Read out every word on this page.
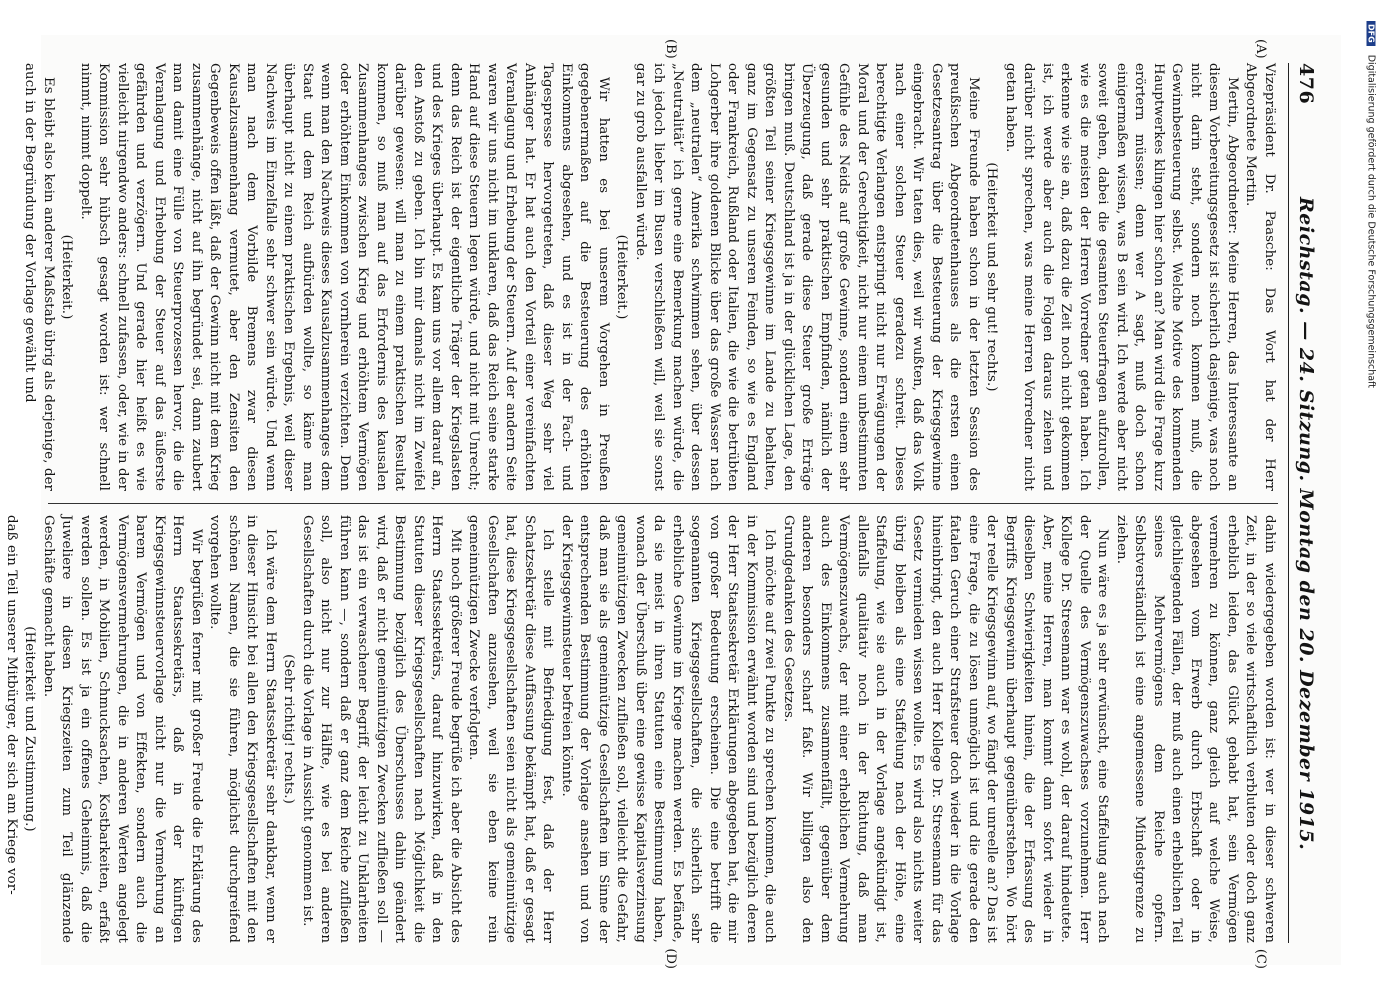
476
Reichstag. — 24. Sitzung. Montag den 20. Dezember 1915.
(A)
(B)
(C)
(D)

Vizepräsident Dr. Paasche: Das Wort hat der Herr Abgeordnete Mertin.

Mertin, Abgeordneter: Meine Herren, das Interessante an diesem Vorbereitungsgesetz ist sicherlich dasjenige, was noch nicht darin steht, sondern noch kommen muß, die Gewinnbesteuerung selbst. Welche Motive des kommenden Hauptwerkes klingen hier schon an? Man wird die Frage kurz erörtern müssen; denn wer A sagt, muß doch schon einigermaßen wissen, was B sein wird. Ich werde aber nicht soweit gehen, dabei die gesamten Steuerfragen aufzurollen, wie es die meisten der Herren Vorredner getan haben. Ich erkenne wie sie an, daß dazu die Zeit noch nicht gekommen ist, ich werde aber auch die Folgen daraus ziehen und darüber nicht sprechen, was meine Herren Vorredner nicht getan haben.

(Heiterkeit und sehr gut! rechts.)

Meine Freunde haben schon in der letzten Session des preußischen Abgeordnetenhauses als die ersten einen Gesetzesantrag über die Besteuerung der Kriegsgewinne eingebracht. Wir taten dies, weil wir wußten, daß das Volk nach einer solchen Steuer geradezu schreit. Dieses berechtigte Verlangen entspringt nicht nur Erwägungen der Moral und der Gerechtigkeit, nicht nur einem unbestimmten Gefühle des Neids auf große Gewinne, sondern einem sehr gesunden und sehr praktischen Empfinden, nämlich der Überzeugung, daß gerade diese Steuer große Erträge bringen muß. Deutschland ist ja in der glücklichen Lage, den größten Teil seiner Kriegsgewinne im Lande zu behalten, ganz im Gegensatz zu unseren Feinden, so wie es England oder Frankreich, Rußland oder Italien, die wie die betrübten Lohgerber ihre goldenen Blicke über das große Wasser nach dem „neutralen“ Amerika schwimmen sehen, über dessen „Neutralität“ ich gerne eine Bemerkung machen würde, die ich jedoch lieber im Busen verschließen will, weil sie sonst gar zu grob ausfallen würde.

(Heiterkeit.)

Wir hatten es bei unserem Vorgehen in Preußen gegebenermaßen auf die Besteuerung des erhöhten Einkommens abgesehen, und es ist in der Fach- und Tagespresse hervorgetreten, daß dieser Weg sehr viel Anhänger hat. Er hat auch den Vorteil einer vereinfachten Veranlagung und Erhebung der Steuern. Auf der andern Seite waren wir uns nicht im unklaren, daß das Reich seine starke Hand auf diese Steuern legen würde, und nicht mit Unrecht; denn das Reich ist der eigentliche Träger der Kriegslasten und des Krieges überhaupt. Es kam uns vor allem darauf an, den Anstoß zu geben. Ich bin mir damals nicht im Zweifel darüber gewesen: will man zu einem praktischen Resultat kommen, so muß man auf das Erfordernis des kausalen Zusammenhanges zwischen Krieg und erhöhtem Vermögen oder erhöhtem Einkommen von vornherein verzichten. Denn wenn man den Nachweis dieses Kausalzusammenhanges dem Staat und dem Reich aufbürden wollte, so käme man überhaupt nicht zu einem praktischen Ergebnis, weil dieser Nachweis im Einzelfalle sehr schwer sein würde. Und wenn man nach dem Vorbilde Bremens zwar diesen Kausalzusammenhang vermutet, aber den Zensiten den Gegenbeweis offen läßt, daß der Gewinn nicht mit dem Krieg zusammenhänge, nicht auf ihn begründet sei, dann zaubert man damit eine Fülle von Steuerprozessen hervor, die die Veranlagung und Erhebung der Steuer auf das äußerste gefährden und verzögern. Und gerade hier heißt es wie vielleicht nirgendwo anders: schnell zufassen, oder, wie in der Kommission sehr hübsch gesagt worden ist: wer schnell nimmt, nimmt doppelt.

(Heiterkeit.)

Es bleibt also kein anderer Maßstab übrig als derjenige, der auch in der Begründung der Vorlage gewählt und

dahin wiedergegeben worden ist: wer in dieser schweren Zeit, in der so viele wirtschaftlich verbluten oder doch ganz erheblich leiden, das Glück gehabt hat, sein Vermögen vermehren zu können, ganz gleich auf welche Weise, abgesehen vom Erwerb durch Erbschaft oder in gleichliegenden Fällen, der muß auch einen erheblichen Teil seines Mehrvermögens dem Reiche opfern. Selbstverständlich ist eine angemessene Mindestgrenze zu ziehen.

Nun wäre es ja sehr erwünscht, eine Staffelung auch nach der Quelle des Vermögenszuwachses vorzunehmen. Herr Kollege Dr. Stresemann war es wohl, der darauf hindeutete. Aber, meine Herren, man kommt dann sofort wieder in dieselben Schwierigkeiten hinein, die der Erfassung des Begriffs Kriegsgewinn überhaupt gegenüberstehen. Wo hört der reelle Kriegsgewinn auf, wo fängt der unreelle an? Das ist eine Frage, die zu lösen unmöglich ist und die gerade den fatalen Geruch einer Strafsteuer doch wieder in die Vorlage hineinbringt, den auch Herr Kollege Dr. Stresemann für das Gesetz vermieden wissen wollte. Es wird also nichts weiter übrig bleiben als eine Staffelung nach der Höhe, eine Staffelung, wie sie auch in der Vorlage angekündigt ist, allenfalls qualitativ noch in der Richtung, daß man Vermögenszuwachs, der mit einer erheblichen Vermehrung auch des Einkommens zusammenfällt, gegenüber dem anderen besonders scharf faßt. Wir billigen also den Grundgedanken des Gesetzes.

Ich möchte auf zwei Punkte zu sprechen kommen, die auch in der Kommission erwähnt worden sind und bezüglich deren der Herr Staatssekretär Erklärungen abgegeben hat, die mir von großer Bedeutung erscheinen. Die eine betrifft die sogenannten Kriegsgesellschaften, die sicherlich sehr erhebliche Gewinne im Kriege machen werden. Es befände, da sie meist in ihren Statuten eine Bestimmung haben, wonach der Überschuß über eine gewisse Kapitalsverzinsung gemeinnützigen Zwecken zufließen soll, vielleicht die Gefahr, daß man sie als gemeinnützige Gesellschaften im Sinne der entsprechenden Bestimmung der Vorlage ansehen und von der Kriegsgewinnsteuer befreien könnte.

Ich stelle mit Befriedigung fest, daß der Herr Schatzsekretär diese Auffassung bekämpft hat, daß er gesagt hat, diese Kriegsgesellschaften seien nicht als gemeinnützige Gesellschaften anzusehen, weil sie eben keine rein gemeinnützigen Zwecke verfolgten.

Mit noch größerer Freude begrüße ich aber die Absicht des Herrn Staatssekretärs, darauf hinzuwirken, daß in den Statuten dieser Kriegsgesellschaften nach Möglichkeit die Bestimmung bezüglich des Überschusses dahin geändert wird, daß er nicht gemeinnützigen Zwecken zufließen soll — das ist ein verwaschener Begriff, der leicht zu Unklarheiten führen kann —, sondern daß er ganz dem Reiche zufließen soll, also nicht nur zur Hälfte, wie es bei anderen Gesellschaften durch die Vorlage in Aussicht genommen ist.

(Sehr richtig! rechts.)

Ich wäre dem Herrn Staatssekretär sehr dankbar, wenn er in dieser Hinsicht bei allen den Kriegsgesellschaften mit den schönen Namen, die sie führen, möglichst durchgreifend vorgehen wollte.

Wir begrüßen ferner mit großer Freude die Erklärung des Herrn Staatssekretärs, daß in der künftigen Kriegsgewinnsteuervorlage nicht nur die Vermehrung an barem Vermögen und von Effekten, sondern auch die Vermögensvermehrungen, die in anderen Werten angelegt werden, in Mobilien, Schmucksachen, Kostbarkeiten, erfaßt werden sollen. Es ist ja ein offenes Geheimnis, daß die Juweliere in diesen Kriegszeiten zum Teil glänzende Geschäfte gemacht haben.

(Heiterkeit und Zustimmung.)

daß ein Teil unserer Mitbürger, der sich am Kriege vor-

DFG Digitalisierung gefördert durch die Deutsche Forschungsgemeinschaft
